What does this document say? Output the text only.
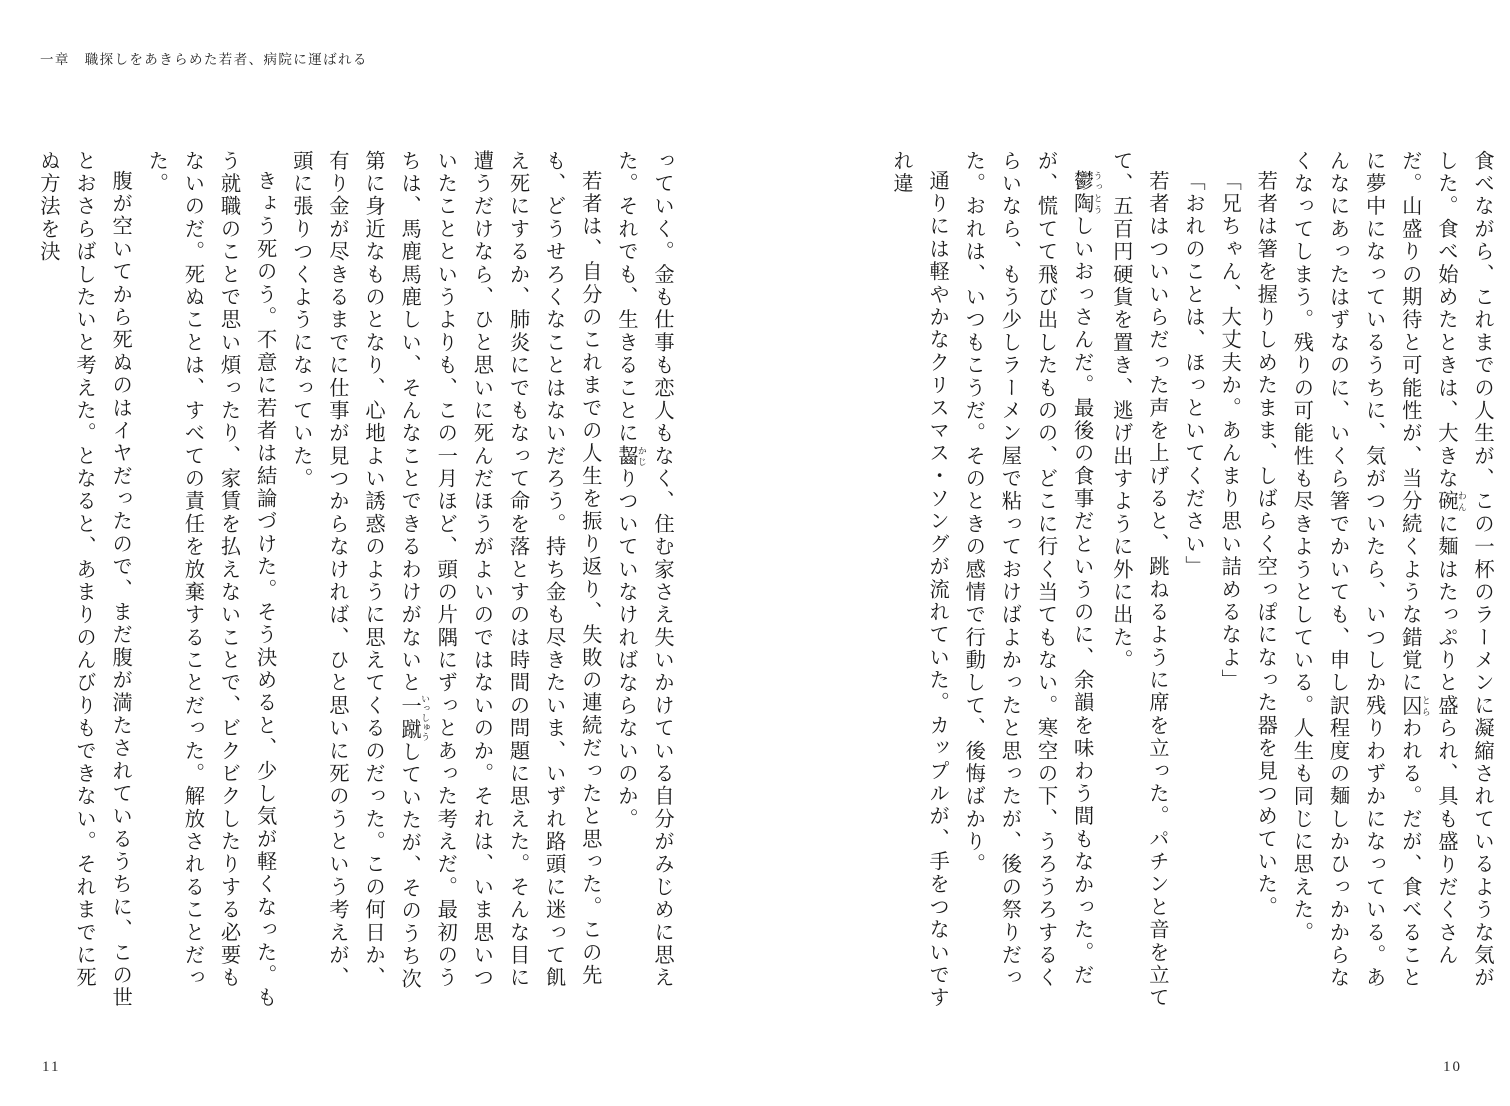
一章　職探しをあきらめた若者、病院に運ばれる
食べながら、これまでの人生が、この一杯のラーメンに凝縮されているような気がした。食べ始めたときは、大きな碗 わんに麺はたっぷりと盛られ、具も盛りだくさんだ。山盛りの期待と可能性が、当分続くような錯覚に囚 とらわれる。だが、食べることに夢中になっているうちに、気がついたら、いつしか残りわずかになっている。あんなにあったはずなのに、いくら箸でかいても、申し訳程度の麺しかひっかからなくなってしまう。残りの可能性も尽きようとしている。人生も同じに思えた。
若者は箸を握りしめたまま、しばらく空っぽになった器を見つめていた。
「兄ちゃん、大丈夫か。あんまり思い詰めるなよ」
「おれのことは、ほっといてください」
若者はついいらだった声を上げると、跳ねるように席を立った。パチンと音を立てて、五百円硬貨を置き、逃げ出すように外に出た。
鬱陶 うっとうしいおっさんだ。最後の食事だというのに、余韻を味わう間もなかった。だが、慌てて飛び出したものの、どこに行く当てもない。寒空の下、うろうろするくらいなら、もう少しラーメン屋で粘っておけばよかったと思ったが、後の祭りだった。おれは、いつもこうだ。そのときの感情で行動して、後悔ばかり。
通りには軽やかなクリスマス・ソングが流れていた。カップルが、手をつないですれ違
っていく。金も仕事も恋人もなく、住む家さえ失いかけている自分がみじめに思えた。それでも、生きることに齧 かじりついていなければならないのか。
若者は、自分のこれまでの人生を振り返り、失敗の連続だったと思った。この先も、どうせろくなことはないだろう。持ち金も尽きたいま、いずれ路頭に迷って飢え死にするか、肺炎にでもなって命を落とすのは時間の問題に思えた。そんな目に遭うだけなら、ひと思いに死んだほうがよいのではないのか。それは、いま思いついたことというよりも、この一月ほど、頭の片隅にずっとあった考えだ。最初のうちは、馬鹿馬鹿しい、そんなことできるわけがないと一蹴 いっしゅうしていたが、そのうち次第に身近なものとなり、心地よい誘惑のように思えてくるのだった。この何日か、有り金が尽きるまでに仕事が見つからなければ、ひと思いに死のうという考えが、頭に張りつくようになっていた。
きょう死のう。不意に若者は結論づけた。そう決めると、少し気が軽くなった。もう就職のことで思い煩ったり、家賃を払えないことで、ビクビクしたりする必要もないのだ。死ぬことは、すべての責任を放棄することだった。解放されることだった。
腹が空いてから死ぬのはイヤだったので、まだ腹が満たされているうちに、この世とおさらばしたいと考えた。となると、あまりのんびりもできない。それまでに死ぬ方法を決
10
11
